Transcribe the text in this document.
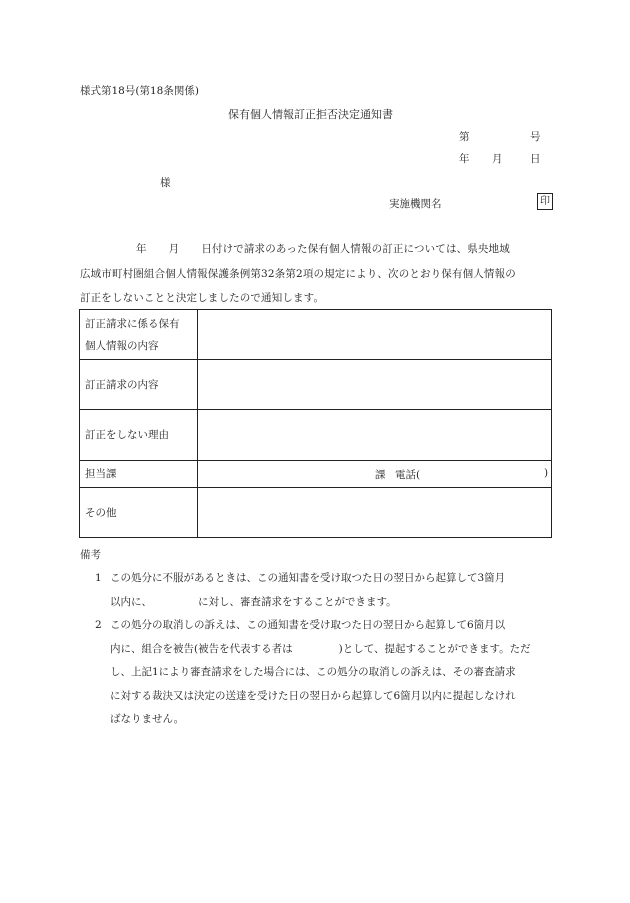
様式第18号(第18条関係)
保有個人情報訂正拒否決定通知書
第	号
年 月	日
様
実施機関名	印
年 月 日付けで請求のあった保有個人情報の訂正については、県央地域
広域市町村圏組合個人情報保護条例第32条第2項の規定により、次のとおり保有個人情報の
訂正をしないことと決定しましたので通知します。
訂正請求に係る保有
個人情報の内容	

訂正請求の内容	
訂正をしない理由	
担当課	課 電話( )

その他	
備考
1 この処分に不服があるときは、この通知書を受け取つた日の翌日から起算して3箇月
以内に、	に対し、審査請求をすることができます。
2 この処分の取消しの訴えは、この通知書を受け取つた日の翌日から起算して6箇月以
内に、組合を被告(被告を代表する者は	)として、提起することができます。ただ
し、上記1により審査請求をした場合には、この処分の取消しの訴えは、その審査請求
に対する裁決又は決定の送達を受けた日の翌日から起算して6箇月以内に提起しなけれ
ばなりません。
